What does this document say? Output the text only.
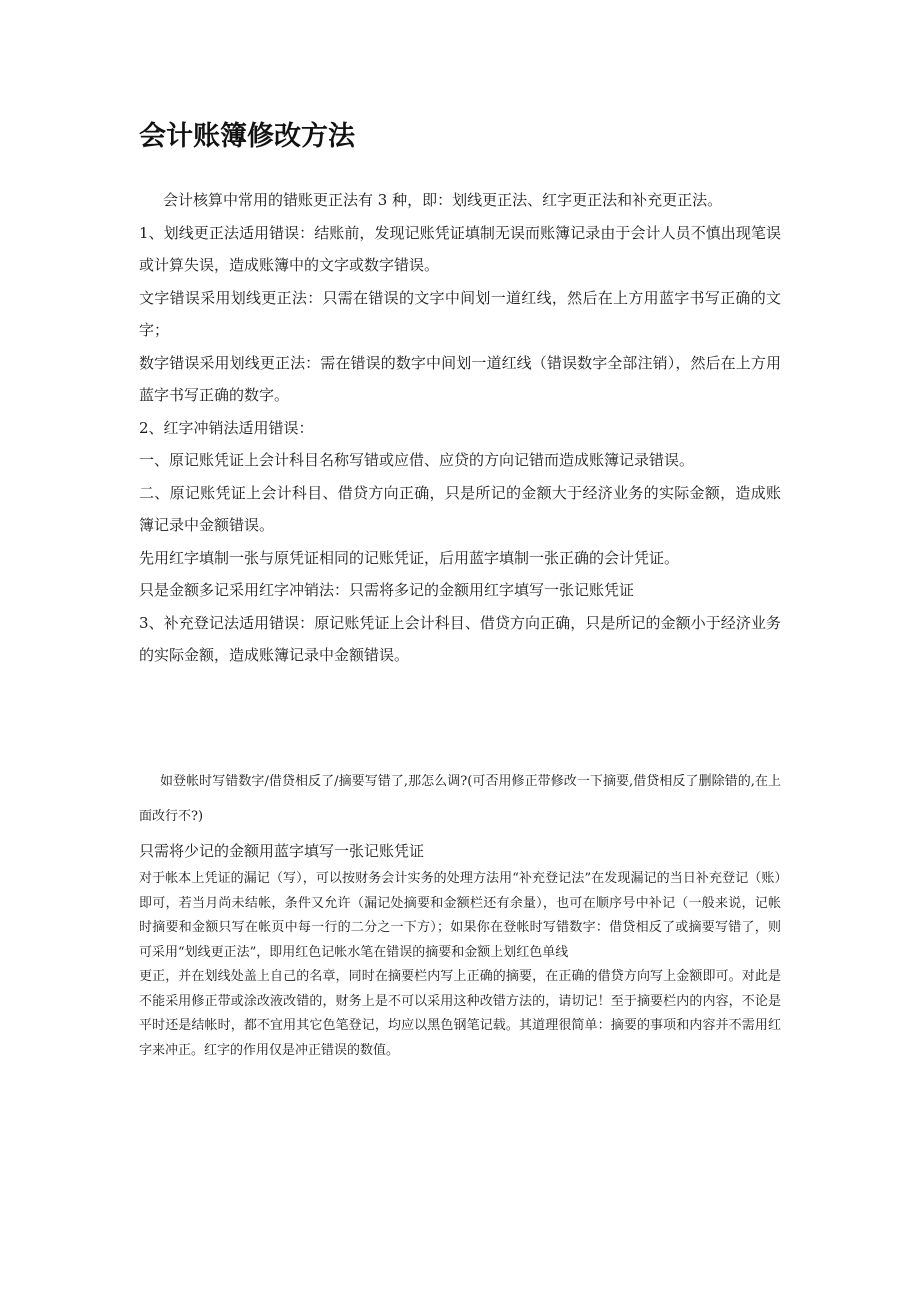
会计账簿修改方法

会计核算中常用的错账更正法有 3 种，即：划线更正法、红字更正法和补充更正法。

1、划线更正法适用错误：结账前，发现记账凭证填制无误而账簿记录由于会计人员不慎出现笔误或计算失误，造成账簿中的文字或数字错误。

文字错误采用划线更正法：只需在错误的文字中间划一道红线，然后在上方用蓝字书写正确的文字；

数字错误采用划线更正法：需在错误的数字中间划一道红线（错误数字全部注销），然后在上方用蓝字书写正确的数字。

2、红字冲销法适用错误：

一、原记账凭证上会计科目名称写错或应借、应贷的方向记错而造成账簿记录错误。

二、原记账凭证上会计科目、借贷方向正确，只是所记的金额大于经济业务的实际金额，造成账簿记录中金额错误。

先用红字填制一张与原凭证相同的记账凭证，后用蓝字填制一张正确的会计凭证。

只是金额多记采用红字冲销法：只需将多记的金额用红字填写一张记账凭证

3、补充登记法适用错误：原记账凭证上会计科目、借贷方向正确，只是所记的金额小于经济业务的实际金额，造成账簿记录中金额错误。

如登帐时写错数字/借贷相反了/摘要写错了,那怎么调?(可否用修正带修改一下摘要,借贷相反了删除错的,在上面改行不?)
只需将少记的金额用蓝字填写一张记账凭证

对于帐本上凭证的漏记（写），可以按财务会计实务的处理方法用“补充登记法”在发现漏记的当日补充登记（账）即可，若当月尚未结帐，条件又允许（漏记处摘要和金额栏还有余量），也可在顺序号中补记（一般来说，记帐时摘要和金额只写在帐页中每一行的二分之一下方）；如果你在登帐时写错数字：借贷相反了或摘要写错了，则可采用“划线更正法”，即用红色记帐水笔在错误的摘要和金额上划红色单线

更正，并在划线处盖上自己的名章，同时在摘要栏内写上正确的摘要，在正确的借贷方向写上金额即可。对此是不能采用修正带或涂改液改错的，财务上是不可以采用这种改错方法的，请切记！至于摘要栏内的内容，不论是平时还是结帐时，都不宜用其它色笔登记，均应以黑色钢笔记载。其道理很简单：摘要的事项和内容并不需用红字来冲正。红字的作用仅是冲正错误的数值。
